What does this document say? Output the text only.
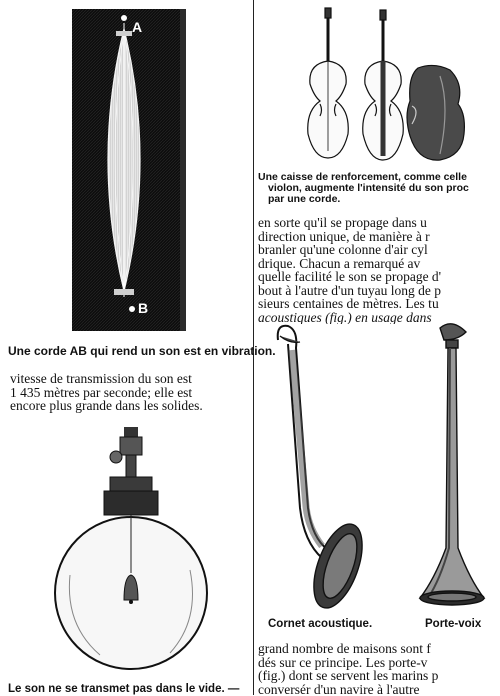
A
B
Une corde AB qui rend un son est en vibration.
vitesse de transmission du son est
1 435 mètres par seconde; elle est
encore plus grande dans les solides.
Le son ne se transmet pas dans le vide. —
Une caisse de renforcement, comme celle
violon, augmente l'intensité du son proc
par une corde.
en sorte qu'il se propage dans u
direction unique, de manière à r
branler qu'une colonne d'air cyl
drique. Chacun a remarqué av
quelle facilité le son se propage d'
bout à l'autre d'un tuyau long de p
sieurs centaines de mètres. Les tu
acoustiques (fig.) en usage dans
Cornet acoustique.	Porte-voix
grand nombre de maisons sont f
dés sur ce principe. Les porte-v
(fig.) dont se servent les marins p
conversér d'un navire à l'autre
